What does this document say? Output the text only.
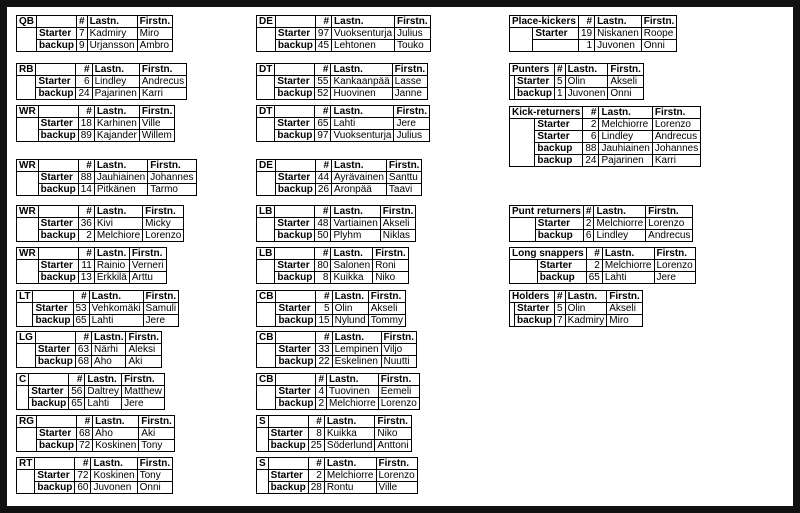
QB		#	Lastn.	Firstn.
	Starter	7	Kadmiry	Miro
	backup	9	Urjansson	Ambro
RB		#	Lastn.	Firstn.
	Starter	6	Lindley	Andrecus
	backup	24	Pajarinen	Karri
WR		#	Lastn.	Firstn.
	Starter	18	Karhinen	Ville
	backup	89	Kajander	Willem
WR		#	Lastn.	Firstn.
	Starter	88	Jauhiainen	Johannes
	backup	14	Pitkänen	Tarmo
WR		#	Lastn.	Firstn.
	Starter	36	Kivi	Micky
	backup	2	Melchiore	Lorenzo
WR		#	Lastn.	Firstn.
	Starter	11	Rainio	Verneri
	backup	13	Erkkilä	Arttu
LT		#	Lastn.	Firstn.
	Starter	53	Vehkomäki	Samuli
	backup	65	Lahti	Jere
LG		#	Lastn.	Firstn.
	Starter	63	Närhi	Aleksi
	backup	68	Aho	Aki
C		#	Lastn.	Firstn.
	Starter	56	Daltrey	Matthew
	backup	65	Lahti	Jere
RG		#	Lastn.	Firstn.
	Starter	68	Aho	Aki
	backup	72	Koskinen	Tony
RT		#	Lastn.	Firstn.
	Starter	72	Koskinen	Tony
	backup	60	Juvonen	Onni
DE		#	Lastn.	Firstn.
	Starter	97	Vuoksenturja	Julius
	backup	45	Lehtonen	Touko
DT		#	Lastn.	Firstn.
	Starter	55	Kankaanpää	Lasse
	backup	52	Huovinen	Janne
DT		#	Lastn.	Firstn.
	Starter	65	Lahti	Jere
	backup	97	Vuoksenturja	Julius
DE		#	Lastn.	Firstn.
	Starter	44	Ayrävainen	Santtu
	backup	26	Aronpää	Taavi
LB		#	Lastn.	Firstn.
	Starter	48	Vartiainen	Akseli
	backup	50	Plyhm	Niklas
LB		#	Lastn.	Firstn.
	Starter	80	Salonen	Roni
	backup	8	Kuikka	Niko
CB		#	Lastn.	Firstn.
	Starter	5	Olin	Akseli
	backup	15	Nylund	Tommy
CB		#	Lastn.	Firstn.
	Starter	33	Lempinen	Viljo
	backup	22	Eskelinen	Nuutti
CB		#	Lastn.	Firstn.
	Starter	4	Tuovinen	Eemeli
	backup	2	Melchiorre	Lorenzo
S		#	Lastn.	Firstn.
	Starter	8	Kuikka	Niko
	backup	25	Söderlund	Anttoni
S		#	Lastn.	Firstn.
	Starter	2	Melchiorre	Lorenzo
	backup	28	Rontu	Ville
Place-kickers		#	Lastn.	Firstn.
	Starter	19	Niskanen	Roope
		1	Juvonen	Onni
Punters		#	Lastn.	Firstn.
	Starter	5	Olin	Akseli
	backup	1	Juvonen	Onni
Kick-returners		#	Lastn.	Firstn.
	Starter	2	Melchiorre	Lorenzo
	Starter	6	Lindley	Andrecus
	backup	88	Jauhiainen	Johannes
	backup	24	Pajarinen	Karri
Punt returners		#	Lastn.	Firstn.
	Starter	2	Melchiorre	Lorenzo
	backup	6	Lindley	Andrecus
Long snappers		#	Lastn.	Firstn.
	Starter	2	Melchiorre	Lorenzo
	backup	65	Lahti	Jere
Holders		#	Lastn.	Firstn.
	Starter	5	Olin	Akseli
	backup	7	Kadmiry	Miro
